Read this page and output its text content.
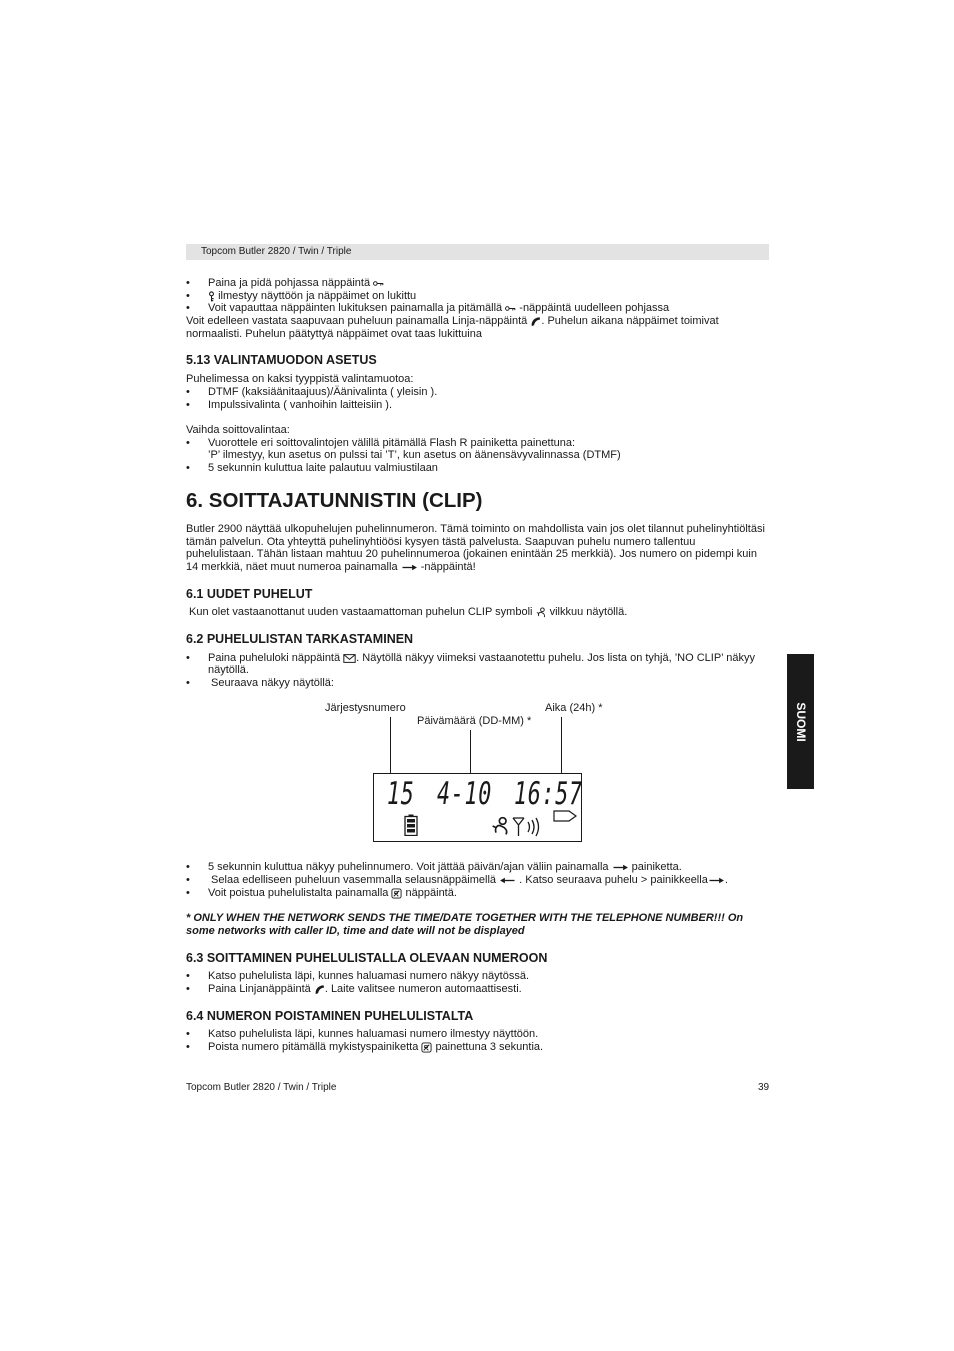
Topcom Butler 2820 / Twin / Triple
• Paina ja pidä pohjassa näppäintä
•	ilmestyy näyttöön ja näppäimet on lukittu
• Voit vapauttaa näppäinten lukituksen painamalla ja pitämällä -näppäintä uudelleen pohjassa
Voit edelleen vastata saapuvaan puheluun painamalla Linja-näppäintä . Puhelun aikana näppäimet toimivat
normaalisti. Puhelun päätyttyä näppäimet ovat taas lukittuina
5.13 VALINTAMUODON ASETUS
Puhelimessa on kaksi tyyppistä valintamuotoa:
• DTMF (kaksiäänitaajuus)/Äänivalinta ( yleisin ).
• Impulssivalinta ( vanhoihin laitteisiin ).
Vaihda soittovalintaa:
• Vuorottele eri soittovalintojen välillä pitämällä Flash R painiketta painettuna:
’P’ ilmestyy, kun asetus on pulssi tai ’T’, kun asetus on äänensävyvalinnassa (DTMF)
• 5 sekunnin kuluttua laite palautuu valmiustilaan
6. SOITTAJATUNNISTIN (CLIP)
Butler 2900 näyttää ulkopuhelujen puhelinnumeron. Tämä toiminto on mahdollista vain jos olet tilannut puhelinyhtiöltäsi
tämän palvelun. Ota yhteyttä puhelinyhtiöösi kysyen tästä palvelusta. Saapuvan puhelu numero tallentuu
puhelulistaan. Tähän listaan mahtuu 20 puhelinnumeroa (jokainen enintään 25 merkkiä). Jos numero on pidempi kuin
14 merkkiä, näet muut numeroa painamalla -näppäintä!
6.1 UUDET PUHELUT
Kun olet vastaanottanut uuden vastaamattoman puhelun CLIP symboli vilkkuu näytöllä.
6.2 PUHELULISTAN TARKASTAMINEN
• Paina puheluloki näppäintä . Näytöllä näkyy viimeksi vastaanotettu puhelu. Jos lista on tyhjä, ’NO CLIP’ näkyy
näytöllä.
• Seuraava näkyy näytöllä:
Järjestysnumero
Päivämäärä (DD-MM) *
Aika (24h) *
15 4-10 16:57
• 5 sekunnin kuluttua näkyy puhelinnumero. Voit jättää päivän/ajan väliin painamalla painiketta.
• Selaa edelliseen puheluun vasemmalla selausnäppäimellä . Katso seuraava puhelu > painikkeella .
• Voit poistua puhelulistalta painamalla näppäintä.
* ONLY WHEN THE NETWORK SENDS THE TIME/DATE TOGETHER WITH THE TELEPHONE NUMBER!!! On
some networks with caller ID, time and date will not be displayed
6.3 SOITTAMINEN PUHELULISTALLA OLEVAAN NUMEROON
• Katso puhelulista läpi, kunnes haluamasi numero näkyy näytössä.
• Paina Linjanäppäintä . Laite valitsee numeron automaattisesti.
6.4 NUMERON POISTAMINEN PUHELULISTALTA
• Katso puhelulista läpi, kunnes haluamasi numero ilmestyy näyttöön.
• Poista numero pitämällä mykistyspainiketta painettuna 3 sekuntia.
SUOMI
Topcom Butler 2820 / Twin / Triple	39
